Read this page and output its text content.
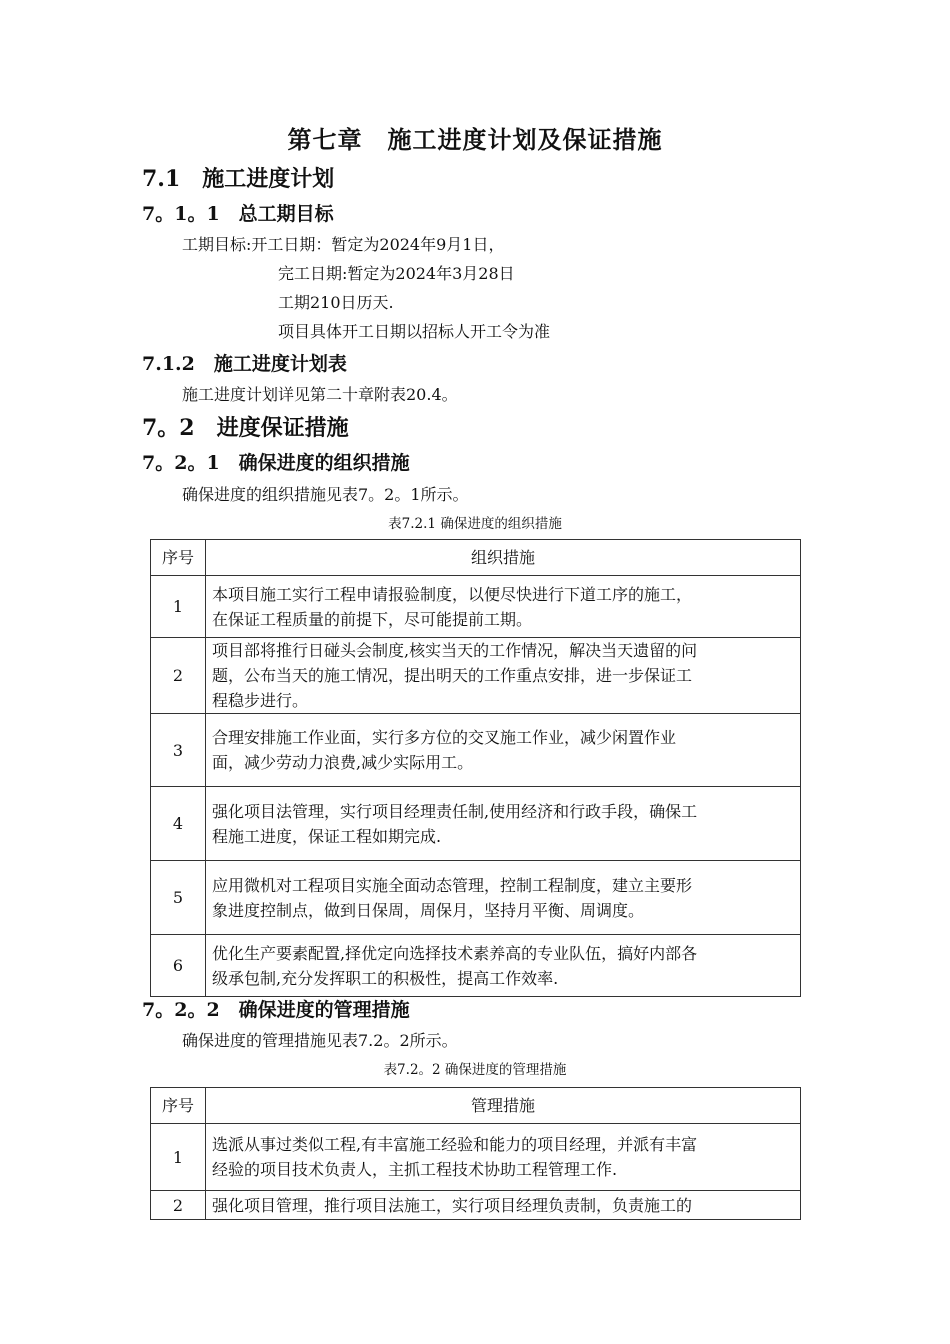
第七章　施工进度计划及保证措施
7.1　施工进度计划
7。1。1　总工期目标
工期目标:开工日期：暂定为2024年9月1日，
完工日期:暂定为2024年3月28日
工期210日历天.
项目具体开工日期以招标人开工令为准
7.1.2　施工进度计划表
施工进度计划详见第二十章附表20.4。
7。2　进度保证措施
7。2。1　确保进度的组织措施
确保进度的组织措施见表7。2。1所示。
表7.2.1 确保进度的组织措施
序号	组织措施
1	本项目施工实行工程申请报验制度，以便尽快进行下道工序的施工，
在保证工程质量的前提下，尽可能提前工期。

2	项目部将推行日碰头会制度,核实当天的工作情况，解决当天遗留的问
题，公布当天的施工情况，提出明天的工作重点安排，进一步保证工
程稳步进行。

3	合理安排施工作业面，实行多方位的交叉施工作业，减少闲置作业
面，减少劳动力浪费,减少实际用工。

4	强化项目法管理，实行项目经理责任制,使用经济和行政手段，确保工
程施工进度，保证工程如期完成.

5	应用微机对工程项目实施全面动态管理，控制工程制度，建立主要形
象进度控制点，做到日保周，周保月，坚持月平衡、周调度。

6	优化生产要素配置,择优定向选择技术素养高的专业队伍，搞好内部各
级承包制,充分发挥职工的积极性，提高工作效率.
7。2。2　确保进度的管理措施
确保进度的管理措施见表7.2。2所示。
表7.2。2 确保进度的管理措施
序号	管理措施
1	选派从事过类似工程,有丰富施工经验和能力的项目经理，并派有丰富
经验的项目技术负责人，主抓工程技术协助工程管理工作.

2	强化项目管理，推行项目法施工，实行项目经理负责制，负责施工的
